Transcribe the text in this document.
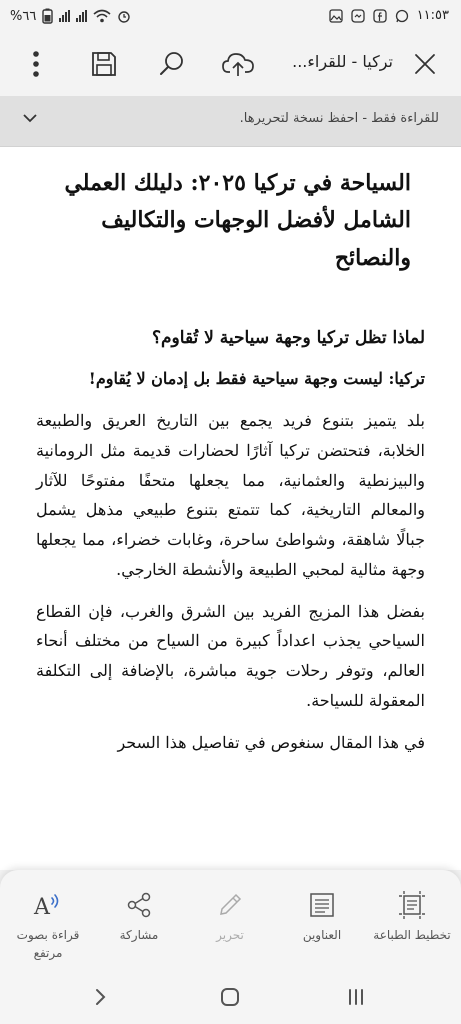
%٦٦	١١:٥٣
تركيا - للقراء...
للقراءة فقط - احفظ نسخة لتحريرها.
السياحة في تركيا ٢٠٢٥: دليلك العملي الشامل لأفضل الوجهات والتكاليف والنصائح
لماذا تظل تركيا وجهة سياحية لا تُقاوم؟

تركيا: ليست وجهة سياحية فقط بل إدمان لا يُقاوم!

بلد يتميز بتنوع فريد يجمع بين التاريخ العريق والطبيعة الخلابة، فتحتضن تركيا آثارًا لحضارات قديمة مثل الرومانية والبيزنطية والعثمانية، مما يجعلها متحفًا مفتوحًا للآثار والمعالم التاريخية، كما تتمتع بتنوع طبيعي مذهل يشمل جبالًا شاهقة، وشواطئ ساحرة، وغابات خضراء، مما يجعلها وجهة مثالية لمحبي الطبيعة والأنشطة الخارجي.

بفضل هذا المزيج الفريد بين الشرق والغرب، فإن القطاع السياحي يجذب اعداداً كبيرة من السياح من مختلف أنحاء العالم، وتوفر رحلات جوية مباشرة، بالإضافة إلى التكلفة المعقولة للسياحة.

في هذا المقال سنغوص في تفاصيل هذا السحر

تخطيط الطباعة
العناوين
تحرير
مشاركة
A
قراءة بصوت مرتفع
